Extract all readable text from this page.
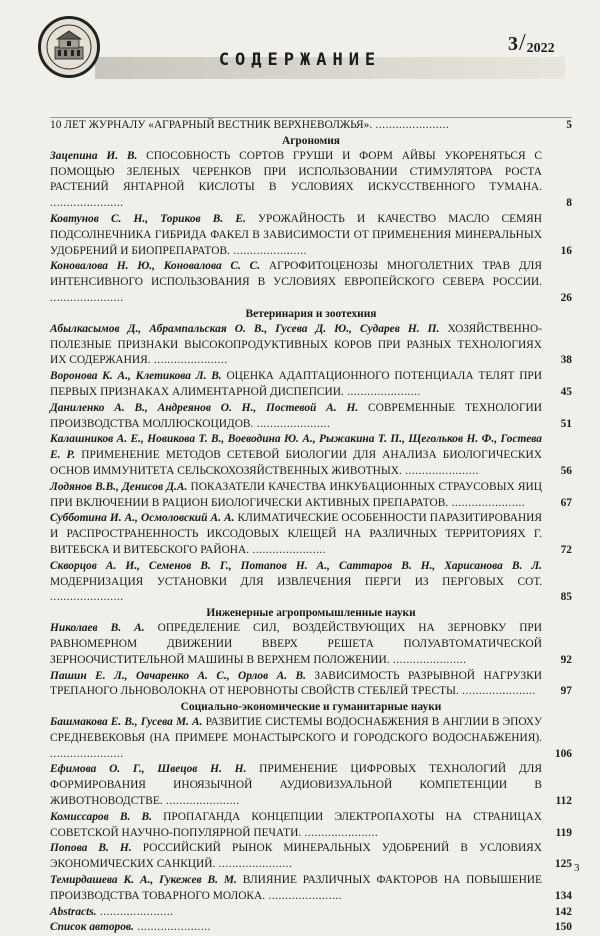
СОДЕРЖАНИЕ
3/2022
10 ЛЕТ ЖУРНАЛУ «АГРАРНЫЙ ВЕСТНИК ВЕРХНЕВОЛЖЬЯ». ......................	5
Агрономия
Зацепина И. В. СПОСОБНОСТЬ СОРТОВ ГРУШИ И ФОРМ АЙВЫ УКОРЕНЯТЬСЯ С ПОМОЩЬЮ ЗЕЛЕНЫХ ЧЕРЕНКОВ ПРИ ИСПОЛЬЗОВАНИИ СТИМУЛЯТОРА РОСТА РАСТЕНИЙ ЯНТАРНОЙ КИСЛОТЫ В УСЛОВИЯХ ИСКУССТВЕННОГО ТУМАНА. ......................	8
Ковтунов С. Н., Ториков В. Е. УРОЖАЙНОСТЬ И КАЧЕСТВО МАСЛО СЕМЯН ПОДСОЛНЕЧНИКА ГИБРИДА ФАКЕЛ В ЗАВИСИМОСТИ ОТ ПРИМЕНЕНИЯ МИНЕРАЛЬНЫХ УДОБРЕНИЙ И БИОПРЕПАРАТОВ. ......................	16
Коновалова Н. Ю., Коновалова С. С. АГРОФИТОЦЕНОЗЫ МНОГОЛЕТНИХ ТРАВ ДЛЯ ИНТЕНСИВНОГО ИСПОЛЬЗОВАНИЯ В УСЛОВИЯХ ЕВРОПЕЙСКОГО СЕВЕРА РОССИИ. ......................	26
Ветеринария и зоотехния
Абылкасымов Д., Абрампальская О. В., Гусева Д. Ю., Сударев Н. П. ХОЗЯЙСТВЕННО-ПОЛЕЗНЫЕ ПРИЗНАКИ ВЫСОКОПРОДУКТИВНЫХ КОРОВ ПРИ РАЗНЫХ ТЕХНОЛОГИЯХ ИХ СОДЕРЖАНИЯ. ......................	38
Воронова К. А., Клетикова Л. В. ОЦЕНКА АДАПТАЦИОННОГО ПОТЕНЦИАЛА ТЕЛЯТ ПРИ ПЕРВЫХ ПРИЗНАКАХ АЛИМЕНТАРНОЙ ДИСПЕПСИИ. ......................	45
Даниленко А. В., Андреянов О. Н., Постевой А. Н. СОВРЕМЕННЫЕ ТЕХНОЛОГИИ ПРОИЗВОДСТВА МОЛЛЮСКОЦИДОВ. ......................	51
Калашников А. Е., Новикова Т. В., Воеводина Ю. А., Рыжакина Т. П., Щегольков Н. Ф., Гостева Е. Р. ПРИМЕНЕНИЕ МЕТОДОВ СЕТЕВОЙ БИОЛОГИИ ДЛЯ АНАЛИЗА БИОЛОГИЧЕСКИХ ОСНОВ ИММУНИТЕТА СЕЛЬСКОХОЗЯЙСТВЕННЫХ ЖИВОТНЫХ. ......................	56
Лодянов В.В., Денисов Д.А. ПОКАЗАТЕЛИ КАЧЕСТВА ИНКУБАЦИОННЫХ СТРАУСОВЫХ ЯИЦ ПРИ ВКЛЮЧЕНИИ В РАЦИОН БИОЛОГИЧЕСКИ АКТИВНЫХ ПРЕПАРАТОВ. ......................	67
Субботина И. А., Осмоловский А. А. КЛИМАТИЧЕСКИЕ ОСОБЕННОСТИ ПАРАЗИТИРОВАНИЯ И РАСПРОСТРАНЕННОСТЬ ИКСОДОВЫХ КЛЕЩЕЙ НА РАЗЛИЧНЫХ ТЕРРИТОРИЯХ Г. ВИТЕБСКА И ВИТЕБСКОГО РАЙОНА. ......................	72
Скворцов А. И., Семенов В. Г., Потапов Н. А., Саттаров В. Н., Харисанова В. Л. МОДЕРНИЗАЦИЯ УСТАНОВКИ ДЛЯ ИЗВЛЕЧЕНИЯ ПЕРГИ ИЗ ПЕРГОВЫХ СОТ. ......................	85
Инженерные агропромышленные науки
Николаев В. А. ОПРЕДЕЛЕНИЕ СИЛ, ВОЗДЕЙСТВУЮЩИХ НА ЗЕРНОВКУ ПРИ РАВНОМЕРНОМ ДВИЖЕНИИ ВВЕРХ РЕШЕТА ПОЛУАВТОМАТИЧЕСКОЙ ЗЕРНООЧИСТИТЕЛЬНОЙ МАШИНЫ В ВЕРХНЕМ ПОЛОЖЕНИИ. ......................	92
Пашин Е. Л., Овчаренко А. С., Орлов А. В. ЗАВИСИМОСТЬ РАЗРЫВНОЙ НАГРУЗКИ ТРЕПАНОГО ЛЬНОВОЛОКНА ОТ НЕРОВНОТЫ СВОЙСТВ СТЕБЛЕЙ ТРЕСТЫ. ......................	97
Социально-экономические и гуманитарные науки
Башмакова Е. В., Гусева М. А. РАЗВИТИЕ СИСТЕМЫ ВОДОСНАБЖЕНИЯ В АНГЛИИ В ЭПОХУ СРЕДНЕВЕКОВЬЯ (НА ПРИМЕРЕ МОНАСТЫРСКОГО И ГОРОДСКОГО ВОДОСНАБЖЕНИЯ). ......................	106
Ефимова О. Г., Швецов Н. Н. ПРИМЕНЕНИЕ ЦИФРОВЫХ ТЕХНОЛОГИЙ ДЛЯ ФОРМИРОВАНИЯ ИНОЯЗЫЧНОЙ АУДИОВИЗУАЛЬНОЙ КОМПЕТЕНЦИИ В ЖИВОТНОВОДСТВЕ. ......................	112
Комиссаров В. В. ПРОПАГАНДА КОНЦЕПЦИИ ЭЛЕКТРОПАХОТЫ НА СТРАНИЦАХ СОВЕТСКОЙ НАУЧНО-ПОПУЛЯРНОЙ ПЕЧАТИ. ......................	119
Попова В. Н. РОССИЙСКИЙ РЫНОК МИНЕРАЛЬНЫХ УДОБРЕНИЙ В УСЛОВИЯХ ЭКОНОМИЧЕСКИХ САНКЦИЙ. ......................	125
Темирдашева К. А., Гукежев В. М. ВЛИЯНИЕ РАЗЛИЧНЫХ ФАКТОРОВ НА ПОВЫШЕНИЕ ПРОИЗВОДСТВА ТОВАРНОГО МОЛОКА. ......................	134
Abstracts. ......................	142
Список авторов. ......................	150
3
